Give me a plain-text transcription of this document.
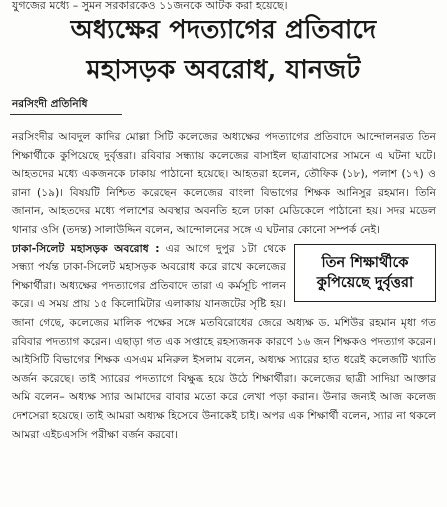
যুগজের মধ্যে – সুমন সরকারকেও ১১জনকে আটক করা হয়েছে।
অধ্যক্ষের পদত্যাগের প্রতিবাদে
মহাসড়ক অবরোধ, যানজট
নরসিংদী প্রতিনিধি

নরসিংদীর আবদুল কাদির মোল্লা সিটি কলেজের অধ্যক্ষের পদত্যাগের প্রতিবাদে আন্দোলনরত তিন শিক্ষার্থীকে কুপিয়েছে দুর্বৃত্তরা। রবিবার সন্ধ্যায় কলেজের বাসাইল ছাত্রাবাসের সামনে এ ঘটনা ঘটে। আহতদের মধ্যে একজনকে ঢাকায় পাঠানো হয়েছে। আহতরা হলেন, তৌফিক (১৮), পলাশ (১৭) ও রানা (১৯)। বিষয়টি নিশ্চিত করেছেন কলেজের বাংলা বিভাগের শিক্ষক আনিসুর রহমান। তিনি জানান, আহতদের মধ্যে পলাশের অবস্থার অবনতি হলে ঢাকা মেডিকেলে পাঠানো হয়। সদর মডেল থানার ওসি (তদন্ত) সালাউদ্দিন বলেন, আন্দোলনের সঙ্গে এ ঘটনার কোনো সম্পর্ক নেই।

তিন শিক্ষার্থীকে কুপিয়েছে দুর্বৃত্তরা

ঢাকা-সিলেট মহাসড়ক অবরোধ : এর আগে দুপুর ১টা থেকে সন্ধ্যা পর্যন্ত ঢাকা-সিলেট মহাসড়ক অবরোধ করে রাখে কলেজের শিক্ষার্থীরা। অধ্যক্ষের পদত্যাগের প্রতিবাদে তারা এ কর্মসূচি পালন করে। এ সময় প্রায় ১৫ কিলোমিটার এলাকায় যানজটের সৃষ্টি হয়। জানা গেছে, কলেজের মালিক পক্ষের সঙ্গে মতবিরোধের জেরে অধ্যক্ষ ড. মশিউর রহমান মৃধা গত রবিবার পদত্যাগ করেন। এছাড়া গত এক সপ্তাহে রহস্যজনক কারণে ১৬ জন শিক্ষকও পদত্যাগ করেন। আইসিটি বিভাগের শিক্ষক এসএম মনিরুল ইসলাম বলেন, অধ্যক্ষ স্যারের হাত ধরেই কলেজটি খ্যাতি অর্জন করেছে। তাই স্যারের পদত্যাগে বিক্ষুব্ধ হয়ে উঠে শিক্ষার্থীরা। কলেজের ছাত্রী সাদিয়া আক্তার অমি বলেন– অধ্যক্ষ স্যার আমাদের বাবার মতো করে লেখা পড়া করান। উনার জন্যই আজ কলেজ দেশসেরা হয়েছে। তাই আমরা অধ্যক্ষ হিসেবে উনাকেই চাই। অপর এক শিক্ষার্থী বলেন, স্যার না থকলে আমরা এইচএসসি পরীক্ষা বর্জন করবো।
